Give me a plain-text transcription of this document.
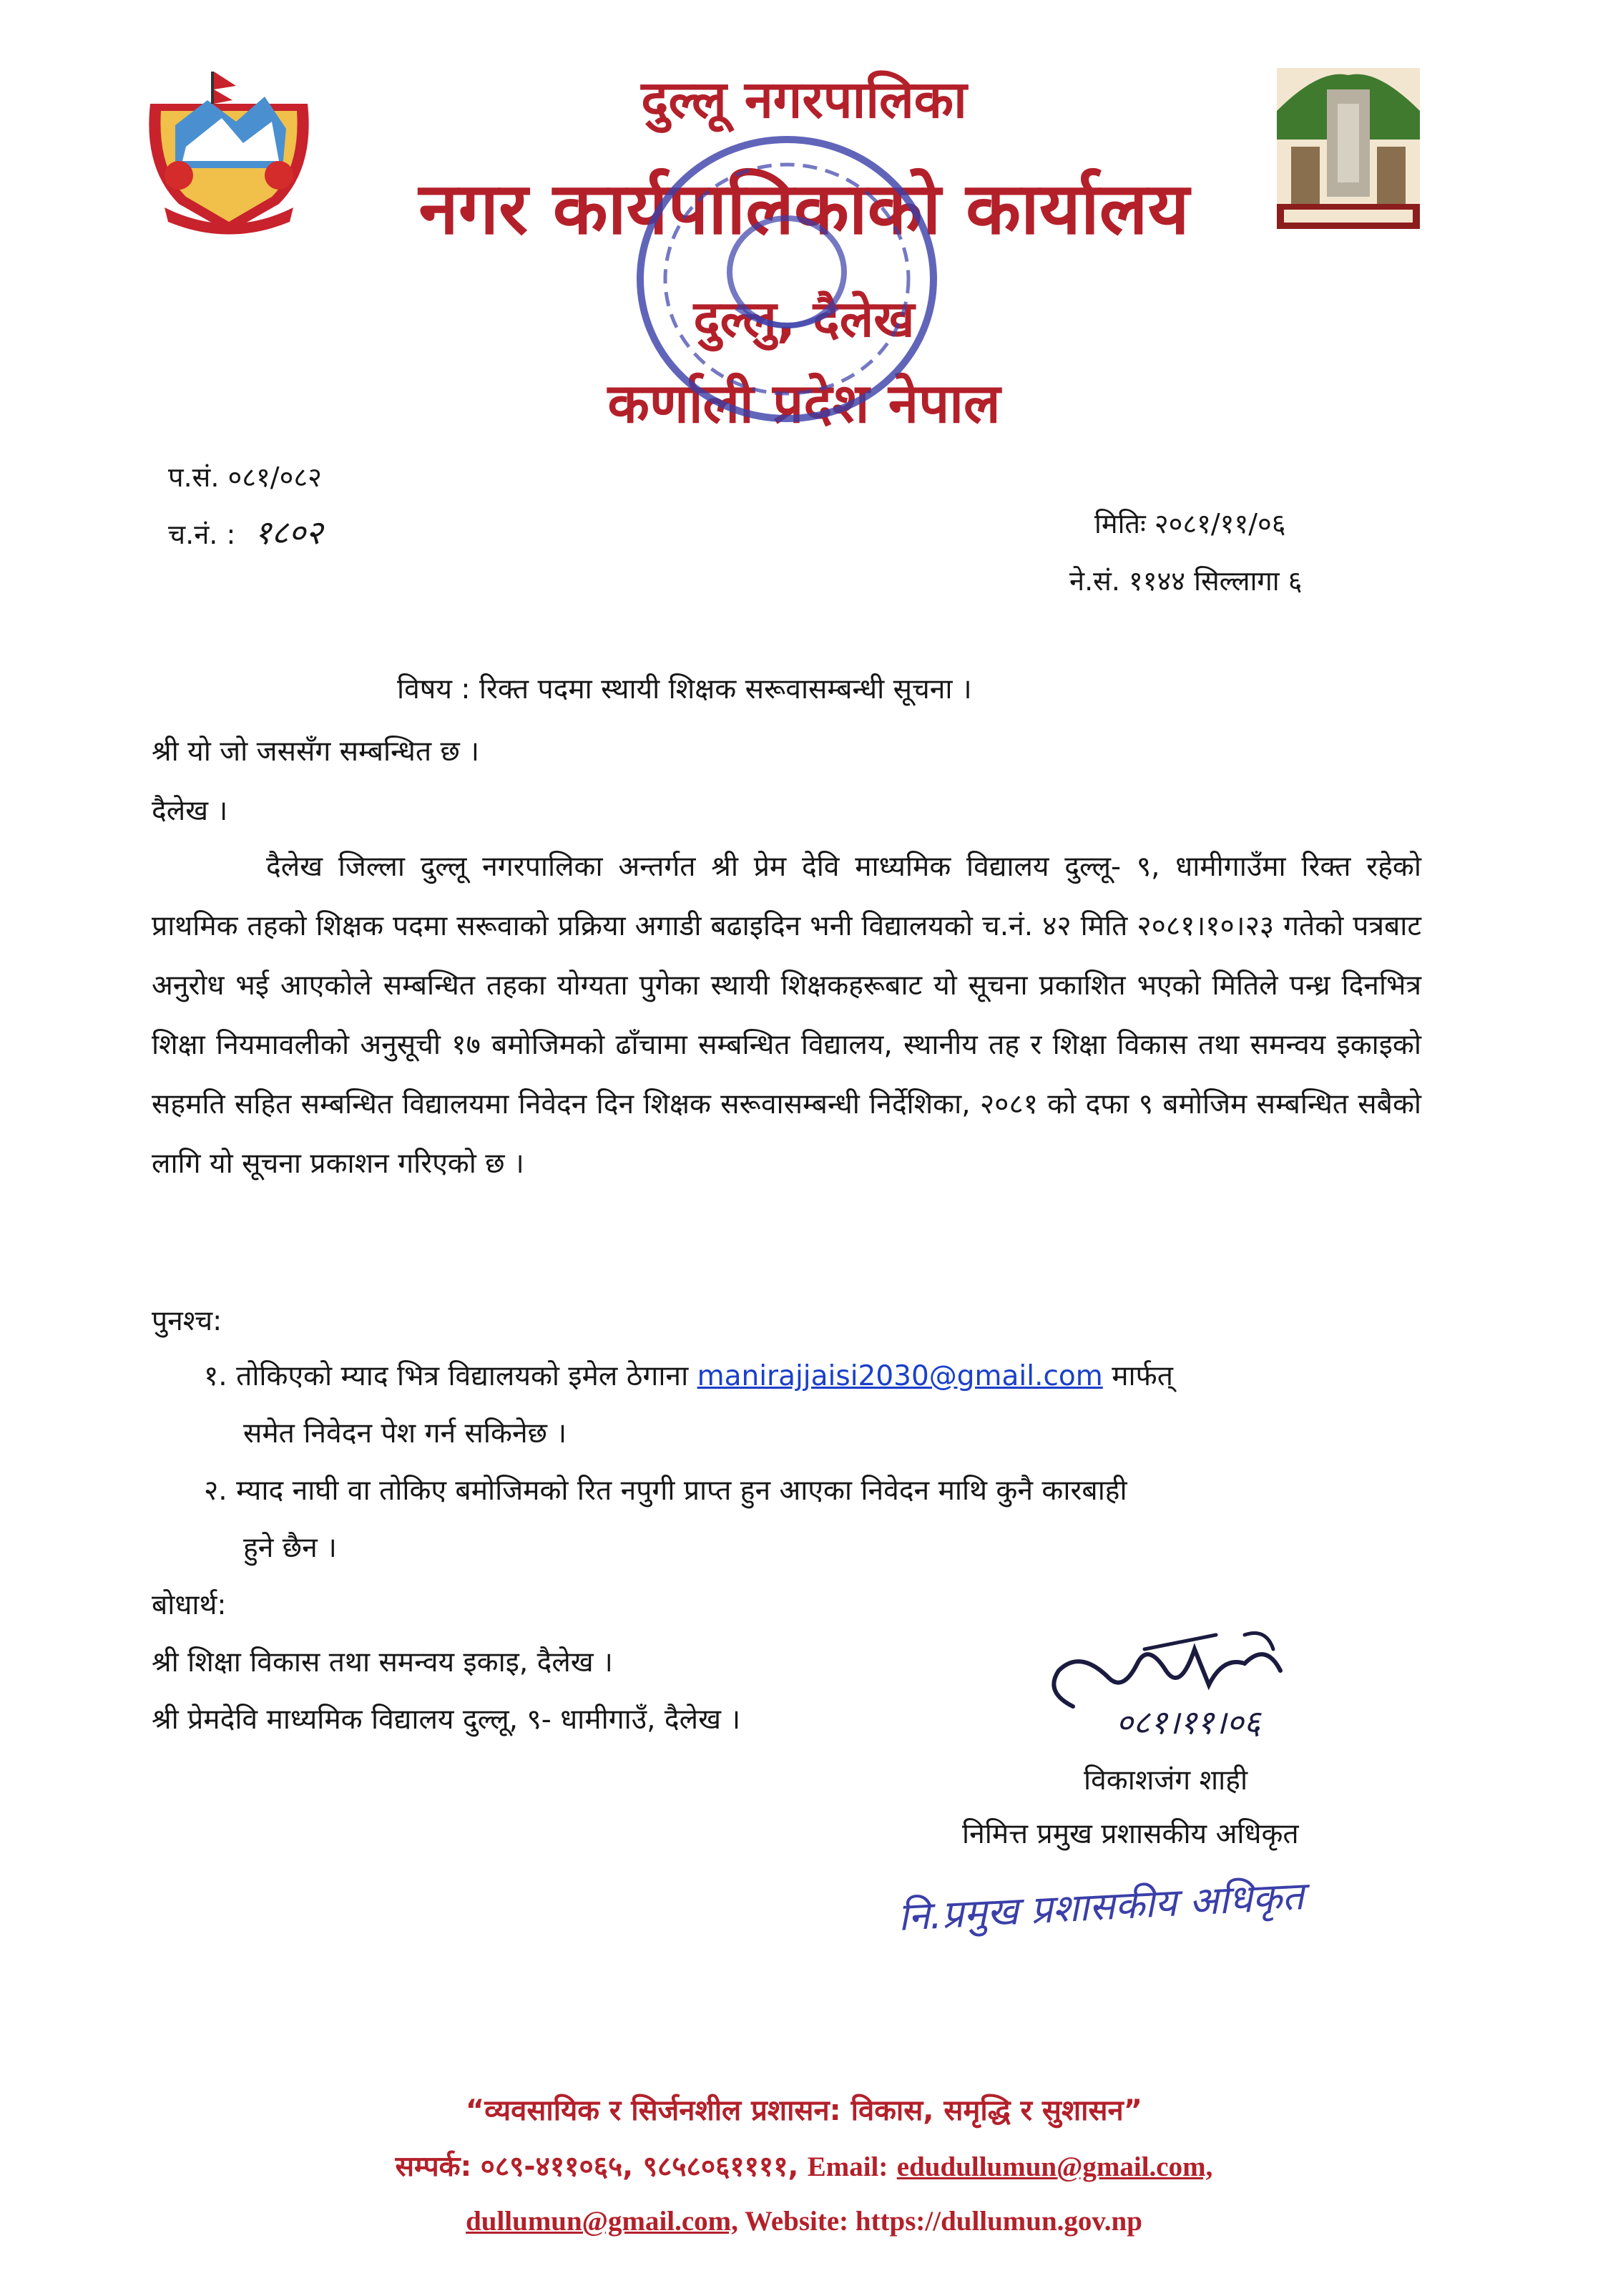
दुल्लू नगरपालिका
नगर कार्यपालिकाको कार्यालय
दुल्लु, दैलेख
कर्णाली प्रदेश नेपाल
प.सं. ०८१/०८२
च.नं. : १८०२	मितिः २०८१/११/०६
ने.सं. ११४४ सिल्लागा ६
विषय : रिक्त पदमा स्थायी शिक्षक सरूवासम्बन्धी सूचना ।
श्री यो जो जससँग सम्बन्धित छ ।
दैलेख ।
दैलेख जिल्ला दुल्लू नगरपालिका अन्तर्गत श्री प्रेम देवि माध्यमिक विद्यालय दुल्लू- ९, धामीगाउँमा रिक्त रहेको प्राथमिक तहको शिक्षक पदमा सरूवाको प्रक्रिया अगाडी बढाइदिन भनी विद्यालयको च.नं. ४२ मिति २०८१।१०।२३ गतेको पत्रबाट अनुरोध भई आएकोले सम्बन्धित तहका योग्यता पुगेका स्थायी शिक्षकहरूबाट यो सूचना प्रकाशित भएको मितिले पन्ध्र दिनभित्र शिक्षा नियमावलीको अनुसूची १७ बमोजिमको ढाँचामा सम्बन्धित विद्यालय, स्थानीय तह र शिक्षा विकास तथा समन्वय इकाइको सहमति सहित सम्बन्धित विद्यालयमा निवेदन दिन शिक्षक सरूवासम्बन्धी निर्देशिका, २०८१ को दफा ९ बमोजिम सम्बन्धित सबैको लागि यो सूचना प्रकाशन गरिएको छ ।
पुनश्च:
१. तोकिएको म्याद भित्र विद्यालयको इमेल ठेगाना manirajjaisi2030@gmail.com मार्फत्
समेत निवेदन पेश गर्न सकिनेछ ।
२. म्याद नाघी वा तोकिए बमोजिमको रित नपुगी प्राप्त हुन आएका निवेदन माथि कुनै कारबाही
हुने छैन ।
बोधार्थ:
श्री शिक्षा विकास तथा समन्वय इकाइ, दैलेख ।
श्री प्रेमदेवि माध्यमिक विद्यालय दुल्लू, ९- धामीगाउँ, दैलेख ।	०८१।११।०६
विकाशजंग शाही
निमित्त प्रमुख प्रशासकीय अधिकृत
नि.प्रमुख प्रशासकीय अधिकृत
“व्यवसायिक र सिर्जनशील प्रशासन: विकास, समृद्धि र सुशासन”
सम्पर्क: ०८९-४११०६५, ९८५८०६११११, Email: edudullumun@gmail.com,
dullumun@gmail.com, Website: https://dullumun.gov.np
